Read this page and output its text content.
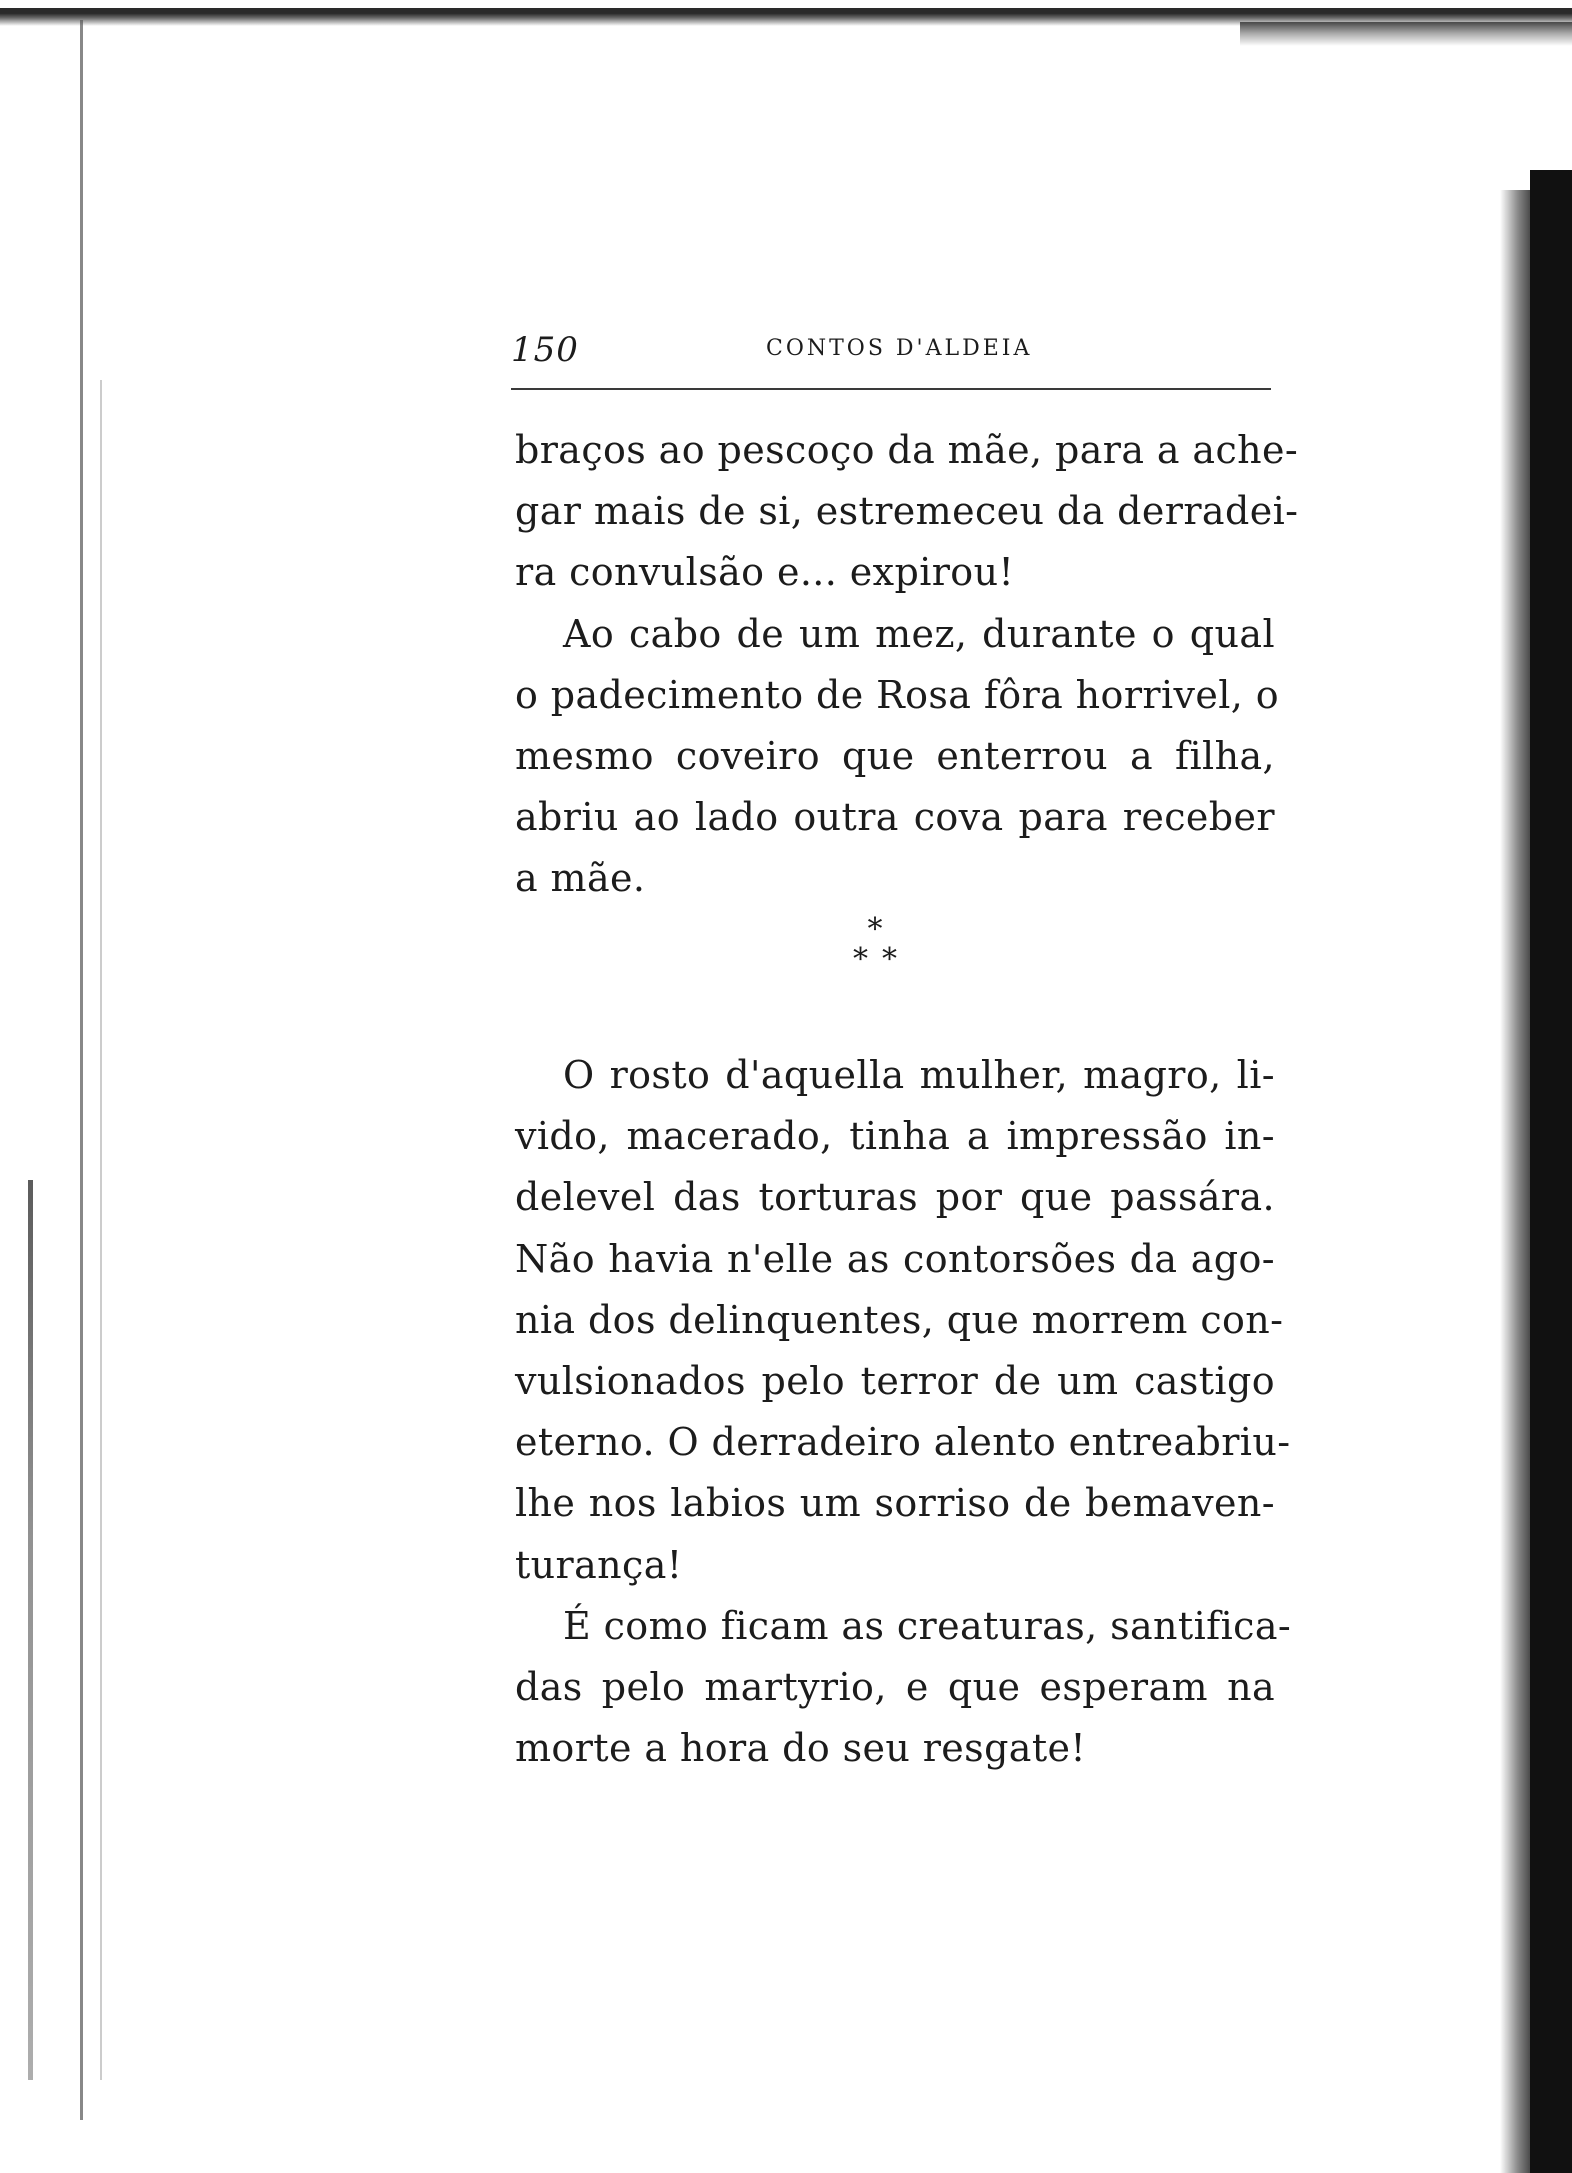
150	CONTOS D'ALDEIA

braços ao pescoço da mãe, para a ache-
gar mais de si, estremeceu da derradei-
ra convulsão e... expirou!

Ao cabo de um mez, durante o qual
o padecimento de Rosa fôra horrivel, o
mesmo coveiro que enterrou a filha,
abriu ao lado outra cova para receber
a mãe.

*
**

O rosto d'aquella mulher, magro, li-
vido, macerado, tinha a impressão in-
delevel das torturas por que passára.
Não havia n'elle as contorsões da ago-
nia dos delinquentes, que morrem con-
vulsionados pelo terror de um castigo
eterno. O derradeiro alento entreabriu-
lhe nos labios um sorriso de bemaven-
turança!

É como ficam as creaturas, santifica-
das pelo martyrio, e que esperam na
morte a hora do seu resgate!
